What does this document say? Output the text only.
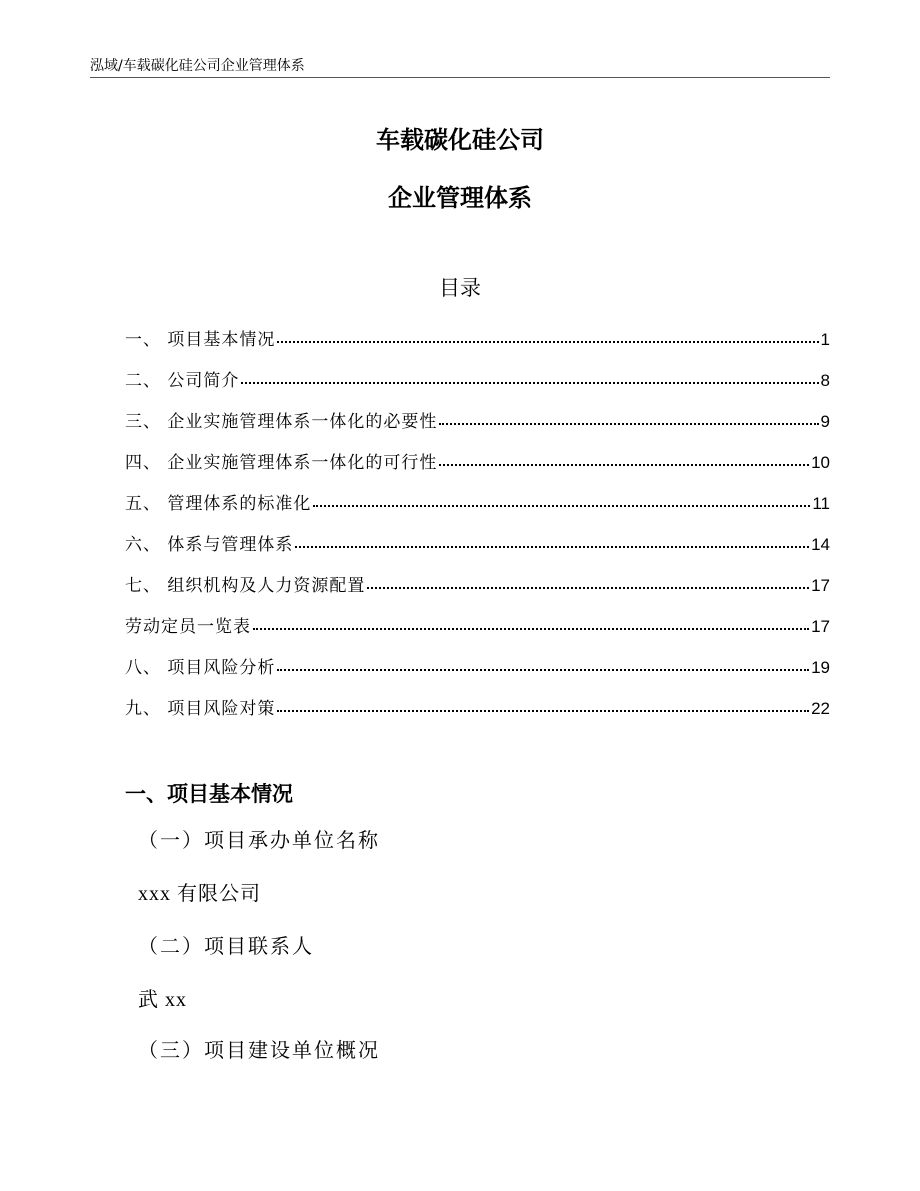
泓域/车载碳化硅公司企业管理体系
车载碳化硅公司
企业管理体系
目录
一、 项目基本情况	1
二、 公司简介	8
三、 企业实施管理体系一体化的必要性	9
四、 企业实施管理体系一体化的可行性	10
五、 管理体系的标准化	11
六、 体系与管理体系	14
七、 组织机构及人力资源配置	17
劳动定员一览表	17
八、 项目风险分析	19
九、 项目风险对策	22
一、项目基本情况
（一）项目承办单位名称
xxx 有限公司
（二）项目联系人
武 xx
（三）项目建设单位概况
